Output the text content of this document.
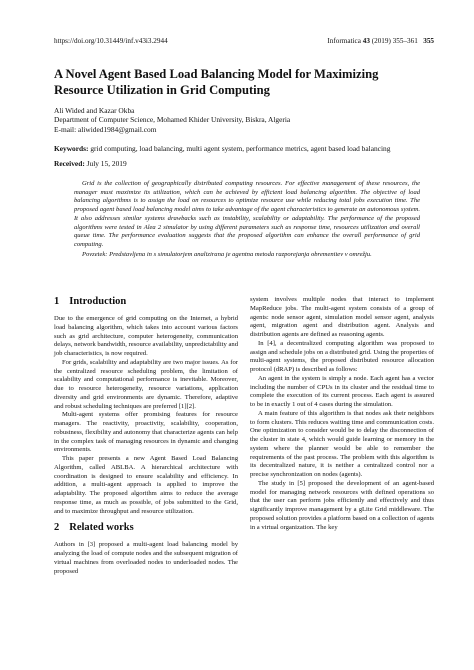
https://doi.org/10.31449/inf.v43i3.2944	Informatica 43 (2019) 355–361 355
A Novel Agent Based Load Balancing Model for Maximizing
Resource Utilization in Grid Computing
Ali Wided and Kazar Okba
Department of Computer Science, Mohamed Khider University, Biskra, Algeria
E-mail: aliwided1984@gmail.com
Keywords: grid computing, load balancing, multi agent system, performance metrics, agent based load balancing
Received: July 15, 2019

Grid is the collection of geographically distributed computing resources. For effective management of these resources, the manager must maximize its utilization, which can be achieved by efficient load balancing algorithm. The objective of load balancing algorithms is to assign the load on resources to optimize resource use while reducing total jobs execution time. The proposed agent based load balancing model aims to take advantage of the agent characteristics to generate an autonomous system. It also addresses similar systems drawbacks such as instability, scalability or adaptability. The performance of the proposed algorithms were tested in Alea 2 simulator by using different parameters such as response time, resources utilization and overall queue time. The performance evaluation suggests that the proposed algorithm can enhance the overall performance of grid computing.

Povzetek: Predstavljena in s simulatorjem analizirana je agentna metoda razporejanja obremenitev v omrežju.

1 Introduction

Due to the emergence of grid computing on the Internet, a hybrid load balancing algorithm, which takes into account various factors such as grid architecture, computer heterogeneity, communication delays, network bandwidth, resource availability, unpredictability and job characteristics, is now required.

For grids, scalability and adaptability are two major issues. As for the centralized resource scheduling problem, the limitation of scalability and computational performance is inevitable. Moreover, due to resource heterogeneity, resource variations, application diversity and grid environments are dynamic. Therefore, adaptive and robust scheduling techniques are preferred [1][2].

Multi-agent systems offer promising features for resource managers. The reactivity, proactivity, scalability, cooperation, robustness, flexibility and autonomy that characterize agents can help in the complex task of managing resources in dynamic and changing environments.

This paper presents a new Agent Based Load Balancing Algorithm, called ABLBA. A hierarchical architecture with coordination is designed to ensure scalability and efficiency. In addition, a multi-agent approach is applied to improve the adaptability. The proposed algorithm aims to reduce the average response time, as much as possible, of jobs submitted to the Grid, and to maximize throughput and resource utilization.

2 Related works

Authors in [3] proposed a multi-agent load balancing model by analyzing the load of compute nodes and the subsequent migration of virtual machines from overloaded nodes to underloaded nodes. The proposed

system involves multiple nodes that interact to implement MapReduce jobs. The multi-agent system consists of a group of agents: node sensor agent, simulation model sensor agent, analysis agent, migration agent and distribution agent. Analysis and distribution agents are defined as reasoning agents.

In [4], a decentralized computing algorithm was proposed to assign and schedule jobs on a distributed grid. Using the properties of multi-agent systems, the proposed distributed resource allocation protocol (dRAP) is described as follows:

An agent in the system is simply a node. Each agent has a vector including the number of CPUs in its cluster and the residual time to complete the execution of its current process. Each agent is assured to be in exactly 1 out of 4 cases during the simulation.

A main feature of this algorithm is that nodes ask their neighbors to form clusters. This reduces waiting time and communication costs. One optimization to consider would be to delay the disconnection of the cluster in state 4, which would guide learning or memory in the system where the planner would be able to remember the requirements of the past process. The problem with this algorithm is its decentralized nature, it is neither a centralized control nor a precise synchronization on nodes (agents).

The study in [5] proposed the development of an agent-based model for managing network resources with defined operations so that the user can perform jobs efficiently and effectively and thus significantly improve management by a gLite Grid middleware. The proposed solution provides a platform based on a collection of agents in a virtual organization. The key
